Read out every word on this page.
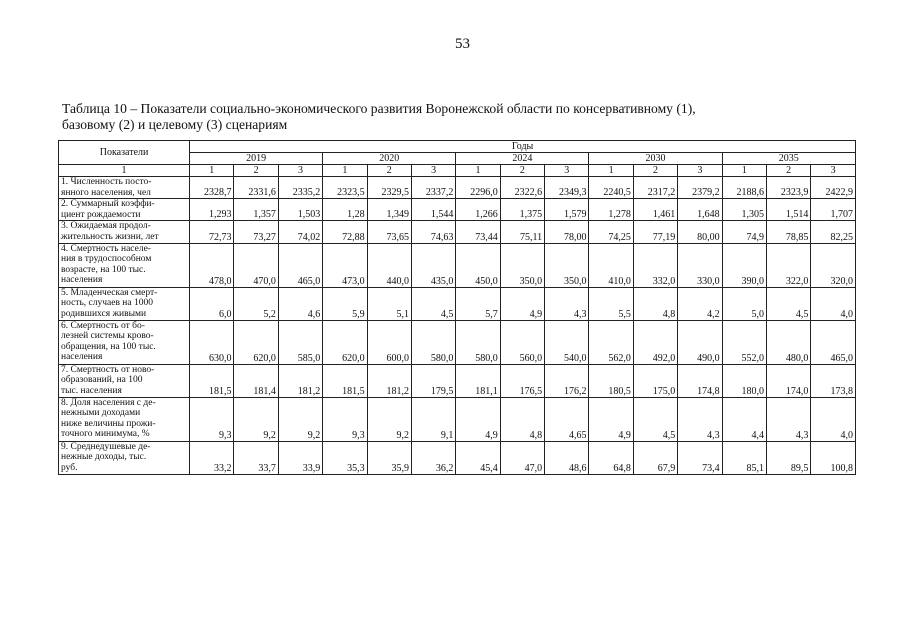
53
Таблица 10 – Показатели социально-экономического развития Воронежской области по консервативному (1),
базовому (2) и целевому (3) сценариям
Показатели	Годы														
	2019			2020			2024			2030			2035		
1	1	2	3	1	2	3	1	2	3	1	2	3	1	2	3

1. Численность посто-
янного населения, чел	2328,7	2331,6	2335,2	2323,5	2329,5	2337,2	2296,0	2322,6	2349,3	2240,5	2317,2	2379,2	2188,6	2323,9	2422,9

2. Суммарный коэффи-
циент рождаемости	1,293	1,357	1,503	1,28	1,349	1,544	1,266	1,375	1,579	1,278	1,461	1,648	1,305	1,514	1,707

3. Ожидаемая продол-
жительность жизни, лет	72,73	73,27	74,02	72,88	73,65	74,63	73,44	75,11	78,00	74,25	77,19	80,00	74,9	78,85	82,25

4. Смертность населе-
ния в трудоспособном
возрасте, на 100 тыс.
населения	478,0	470,0	465,0	473,0	440,0	435,0	450,0	350,0	350,0	410,0	332,0	330,0	390,0	322,0	320,0

5. Младенческая смерт-
ность, случаев на 1000
родившихся живыми	6,0	5,2	4,6	5,9	5,1	4,5	5,7	4,9	4,3	5,5	4,8	4,2	5,0	4,5	4,0

6. Смертность от бо-
лезней системы крово-
обращения, на 100 тыс.
населения	630,0	620,0	585,0	620,0	600,0	580,0	580,0	560,0	540,0	562,0	492,0	490,0	552,0	480,0	465,0

7. Смертность от ново-
образований, на 100
тыс. населения	181,5	181,4	181,2	181,5	181,2	179,5	181,1	176,5	176,2	180,5	175,0	174,8	180,0	174,0	173,8

8. Доля населения с де-
нежными доходами
ниже величины прожи-
точного минимума, %	9,3	9,2	9,2	9,3	9,2	9,1	4,9	4,8	4,65	4,9	4,5	4,3	4,4	4,3	4,0

9. Среднедушевые де-
нежные доходы, тыс.
руб.	33,2	33,7	33,9	35,3	35,9	36,2	45,4	47,0	48,6	64,8	67,9	73,4	85,1	89,5	100,8
